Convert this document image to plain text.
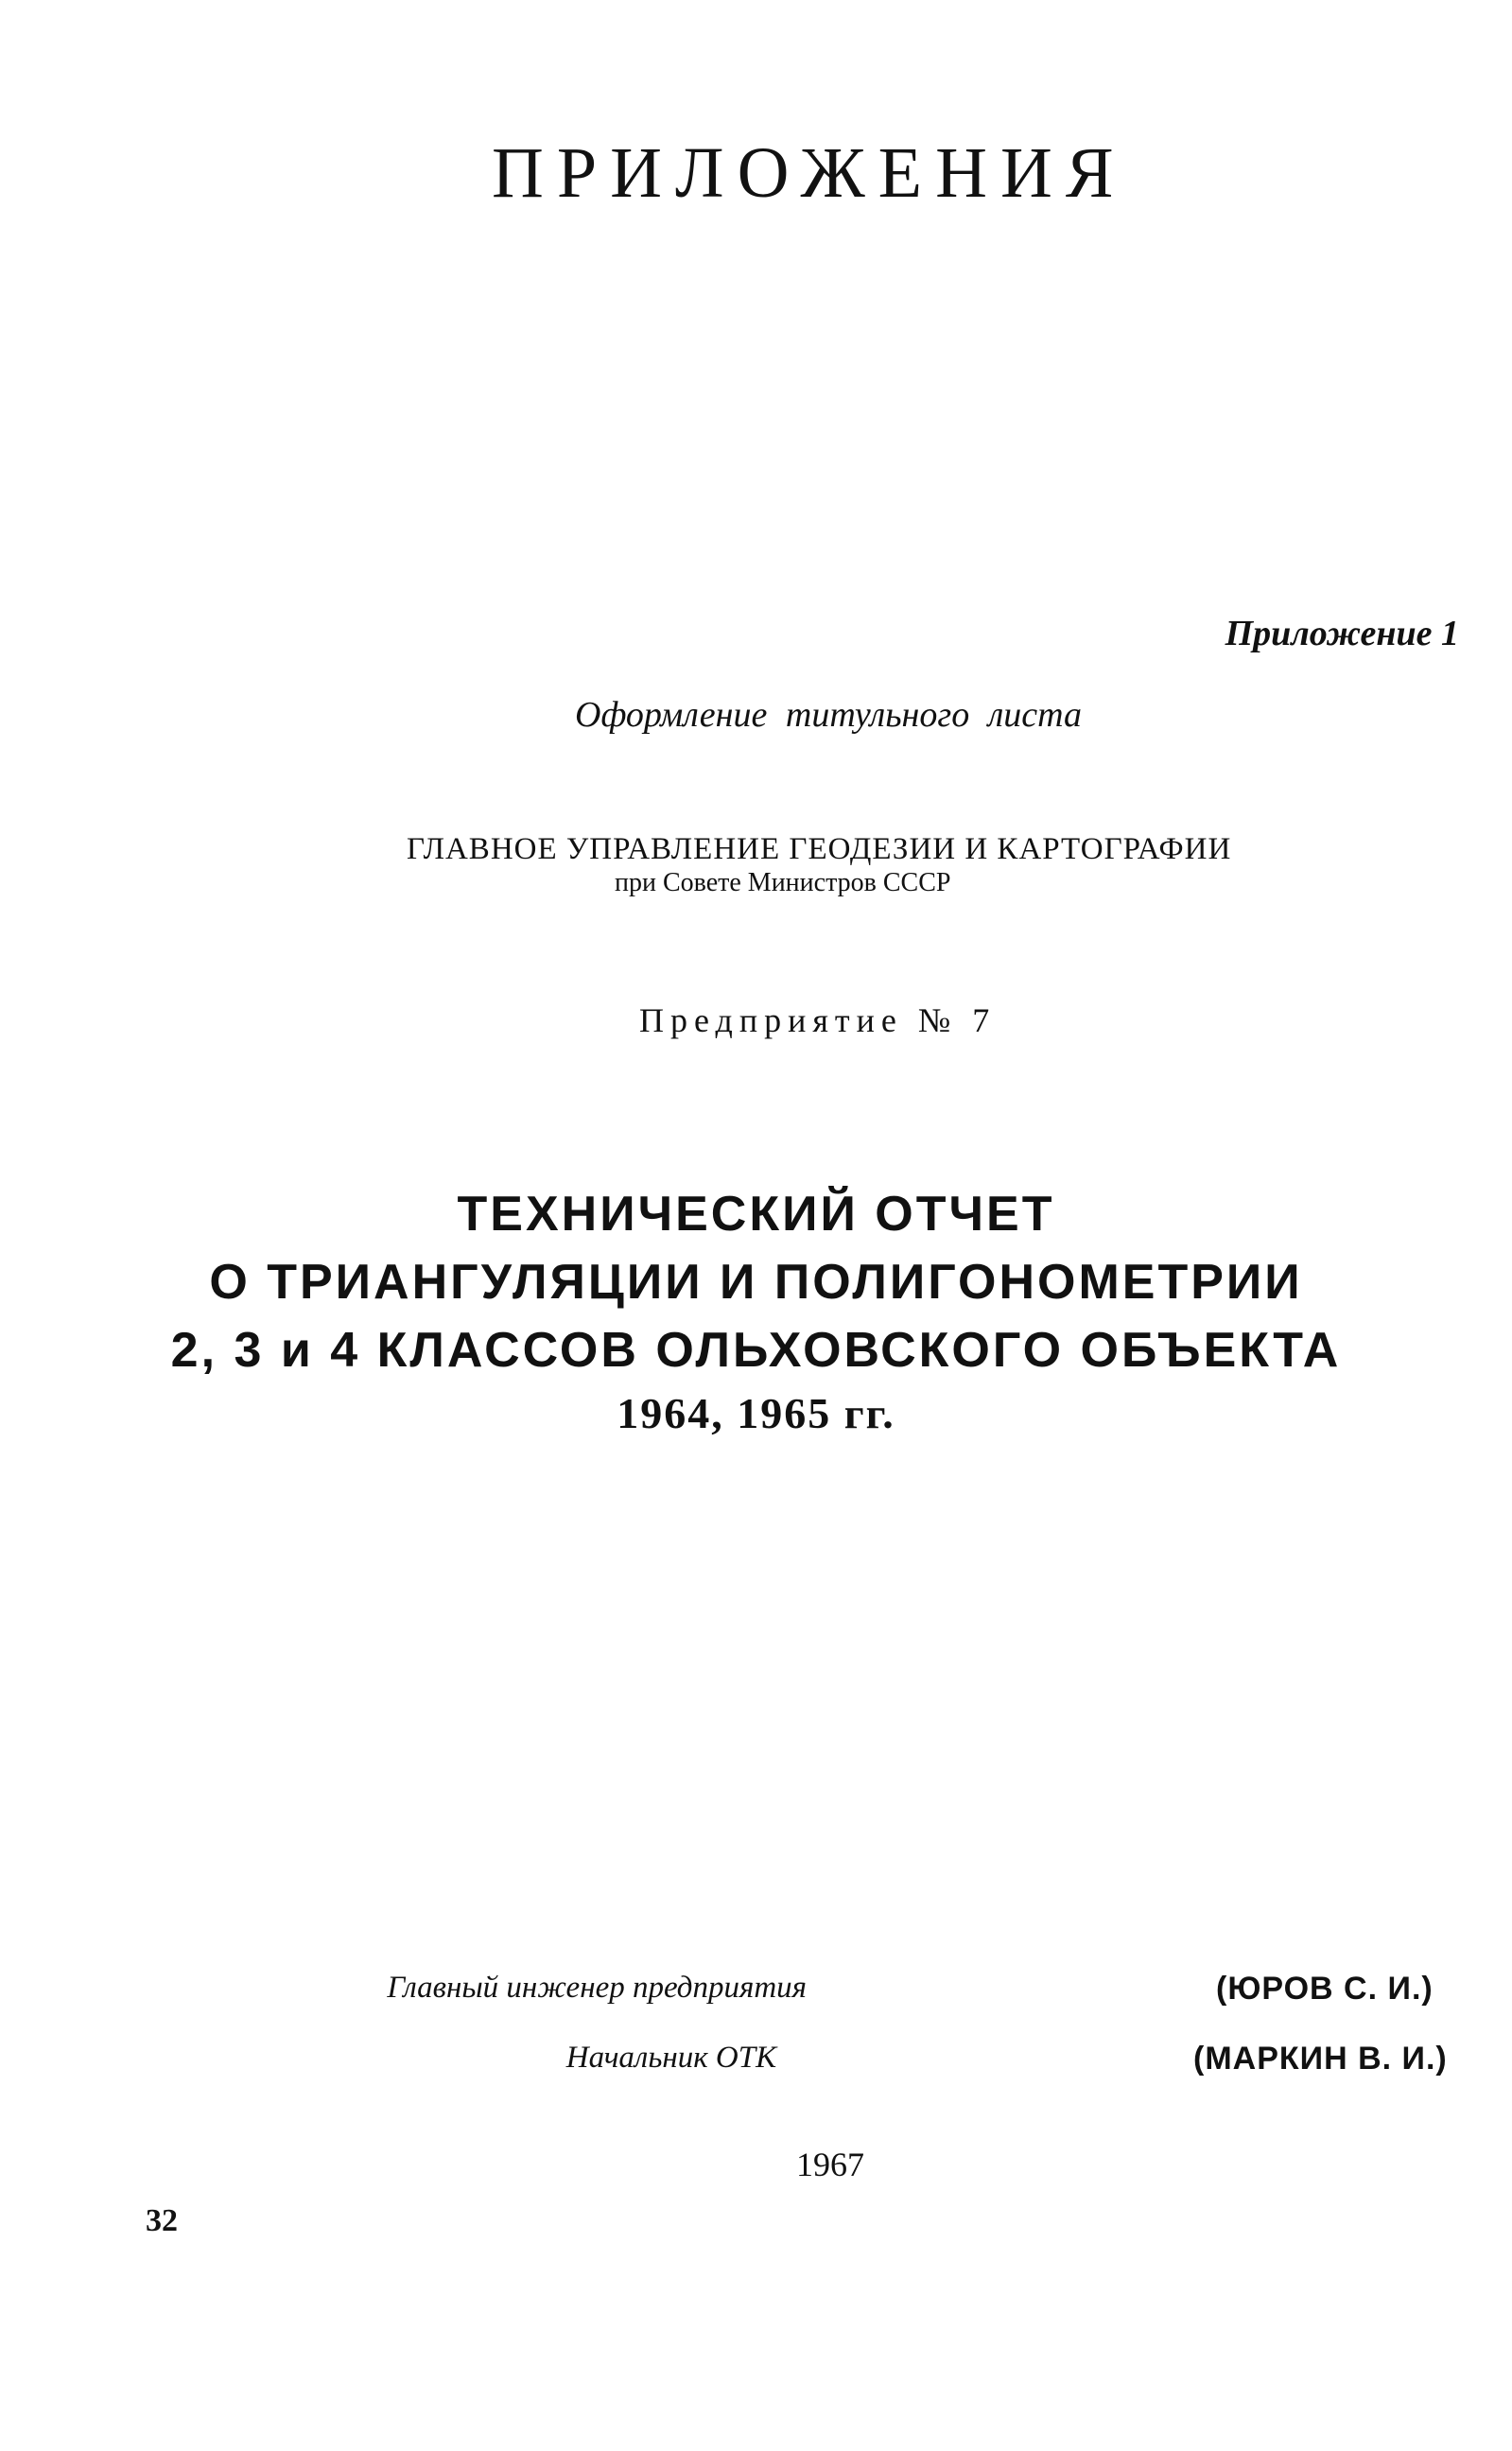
ПРИЛОЖЕНИЯ
Приложение 1
Оформление титульного листа
ГЛАВНОЕ УПРАВЛЕНИЕ ГЕОДЕЗИИ И КАРТОГРАФИИ
при Совете Министров СССР
Предприятие № 7
ТЕХНИЧЕСКИЙ ОТЧЕТ
О ТРИАНГУЛЯЦИИ И ПОЛИГОНОМЕТРИИ
2, 3 и 4 КЛАССОВ ОЛЬХОВСКОГО ОБЪЕКТА
1964, 1965 гг.
Главный инженер предприятия	(ЮРОВ С. И.)
Начальник ОТК	(МАРКИН В. И.)
1967
32
